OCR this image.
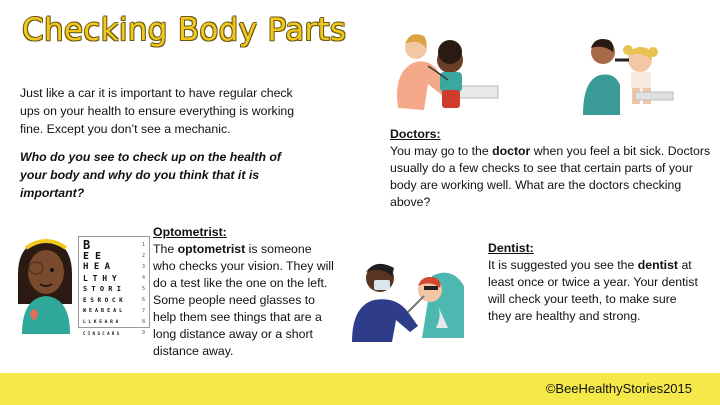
Checking Body Parts
Just like a car it is important to have regular check ups on your health to ensure everything is working fine. Except you don’t see a mechanic.
Who do you see to check up on the health of your body and why do you think that it is important?

Doctors:

You may go to the doctor when you feel a bit sick. Doctors usually do a few checks to see that certain parts of your body are working well. What are the doctors checking above?

B	1
E E	2
H E A	3
L T H Y	4
S T O R I	5
E S R O C K	6
W E A B E A L	7
L L K E A R A	8
C I N G C A R S	9

Optometrist:

The optometrist is someone who checks your vision. They will do a test like the one on the left. Some people need glasses to help them see things that are a long distance away or a short distance away.

Dentist:

It is suggested you see the dentist at least once or twice a year. Your dentist will check your teeth, to make sure they are healthy and strong.

©BeeHealthyStories2015
